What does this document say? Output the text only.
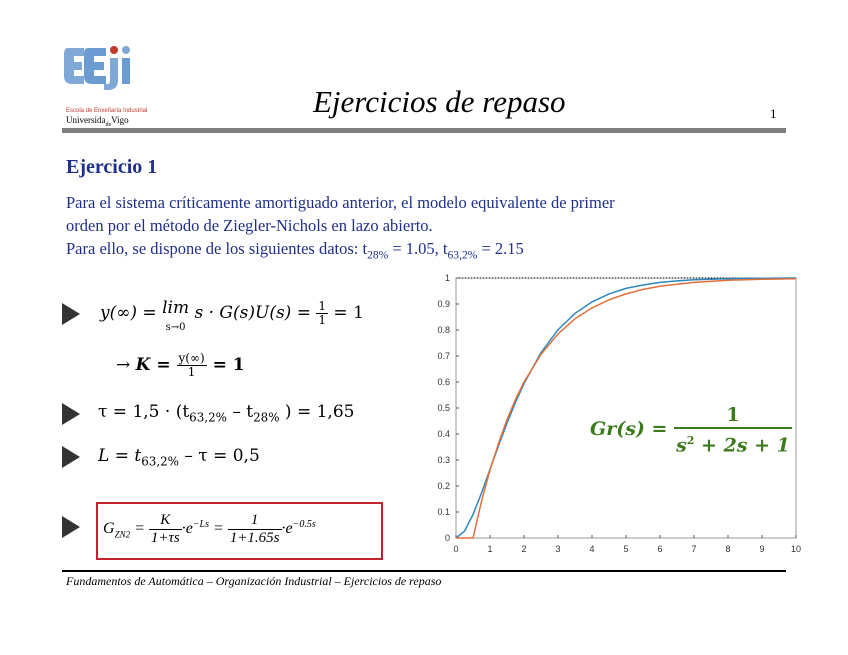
Escola de Enxeñaría Industrial
Universida$_{de}$Vigo
Ejercicios de repaso	1
Ejercicio 1
Para el sistema críticamente amortiguado anterior, el modelo equivalente de primer
orden por el método de Ziegler-Nichols en lazo abierto.
Para ello, se dispone de los siguientes datos: $t_{28\%} = 1.05$, $t_{63,2\%} = 2.15$
y(∞) = lim
s→0 $s \cdot G(s)U(s) = \frac{1}{1} = 1$
→ $K = \frac{y(\infty)}{1} = 1$
$\tau = 1,5 \cdot (t_{63,2\%} - t_{28\%}$ ) = 1,65
$L = t_{63,2\%} - \tau = 0,5$
$G_{ZN2} = \frac{K}{1+\tau s} \cdot e^{-Ls} = \frac{1}{1+1.65s} \cdot e^{-0.5s}$
0	1	2	3	4	5	6	7	8	9	10
0
0.1
0.2
0.3
0.4
0.5
0.6
0.7
0.8
0.9
1
$Gr(s) = \frac{1}{s^2 + 2s + 1}$
Fundamentos de Automática – Organización Industrial – Ejercicios de repaso
